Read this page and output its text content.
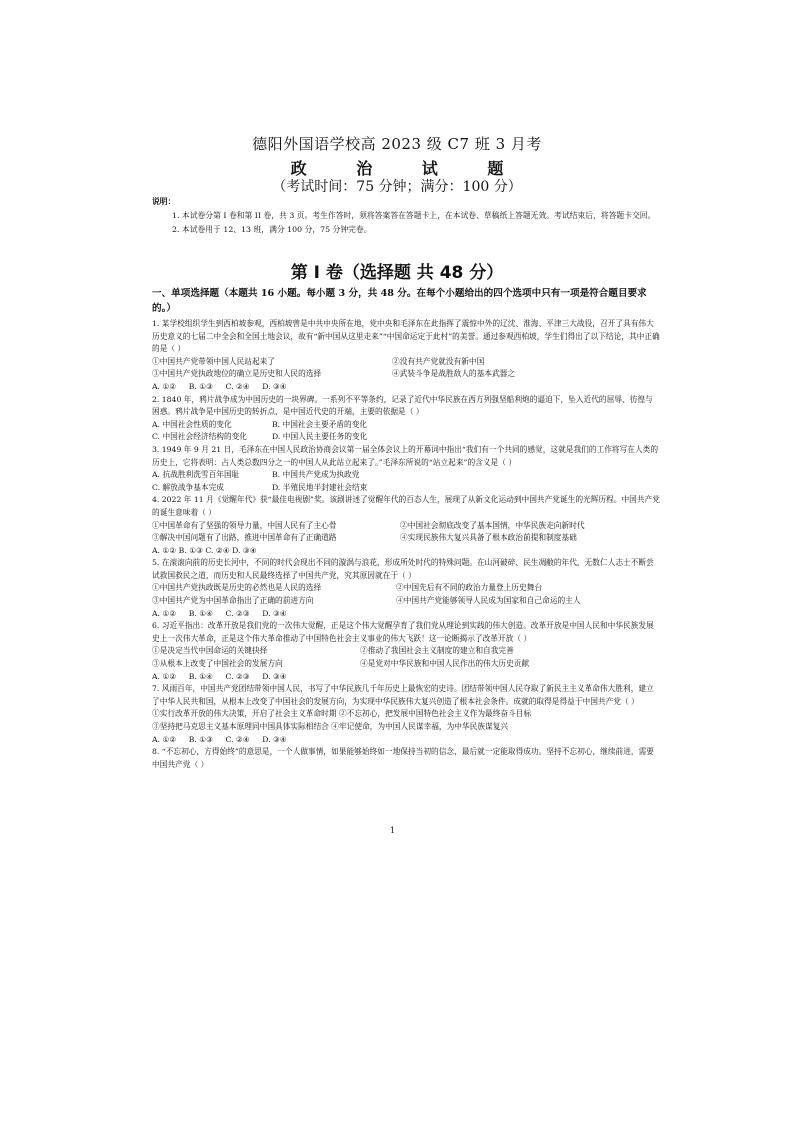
德阳外国语学校高 2023 级 C7 班 3 月考
政	治	试	题
（考试时间：75 分钟；满分：100 分）
说明：
1. 本试卷分第 I 卷和第 II 卷，共 3 页。考生作答时，须将答案答在答题卡上，在本试卷、草稿纸上答题无效。考试结束后，将答题卡交回。
2. 本试卷用于 12、13 班，满分 100 分，75 分钟完卷。
第 I 卷（选择题 共 48 分）
一、单项选择题（本题共 16 小题。每小题 3 分，共 48 分。在每个小题给出的四个选项中只有一项是符合题目要求的。）
1. 某学校组织学生到西柏坡参观，西柏坡曾是中共中央所在地，党中央和毛泽东在此指挥了震惊中外的辽沈、淮海、平津三大战役，召开了具有伟大历史意义的七届二中全会和全国土地会议，故有“新中国从这里走来”“中国命运定于此村”的美誉。通过参观西柏坡，学生们得出了以下结论，其中正确的是（ ）
①中国共产党带领中国人民站起来了	②没有共产党就没有新中国
③中国共产党执政地位的确立是历史和人民的选择	④武装斗争是战胜敌人的基本武器之
A. ①② B. ①③ C. ②④ D. ③④
2. 1840 年，鸦片战争成为中国历史的一块界碑。一系列不平等条约，记录了近代中华民族在西方列强坚船利炮的逼迫下，坠入近代的屈辱、彷徨与困惑。鸦片战争是中国历史的转折点，是中国近代史的开端，主要的依据是（ ）
A. 中国社会性质的变化	B. 中国社会主要矛盾的变化
C. 中国社会经济结构的变化	D. 中国人民主要任务的变化
3. 1949 年 9 月 21 日，毛泽东在中国人民政治协商会议第一届全体会议上的开幕词中指出“我们有一个共同的感觉，这就是我们的工作将写在人类的历史上，它将表明：占人类总数四分之一的中国人从此站立起来了。”毛泽东所说的“站立起来”的含义是（ ）
A. 抗战胜利洗雪百年国耻	B. 中国共产党成为执政党
C. 解放战争基本完成	D. 半殖民地半封建社会结束
4. 2022 年 11 月《觉醒年代》获“最佳电视剧”奖。该剧讲述了觉醒年代的百态人生，展现了从新文化运动到中国共产党诞生的光辉历程。中国共产党的诞生意味着（ ）
①中国革命有了坚强的领导力量，中国人民有了主心骨	②中国社会彻底改变了基本国情，中华民族走向新时代
③解决中国问题有了出路，推进中国革命有了正确道路	④实现民族伟大复兴具备了根本政治前提和制度基础
A. ①② B. ①③ C. ②④ D. ③④
5. 在滚滚向前的历史长河中，不同的时代会现出不同的漩涡与浪花，形成所处时代的特殊问题。在山河破碎、民生凋敝的年代，无数仁人志士不断尝试救国救民之道，而历史和人民最终选择了中国共产党，究其原因就在于（ ）
①中国共产党执政既是历史的必然也是人民的选择	②中国先后有不同的政治力量登上历史舞台
③中国共产党为中国革命指出了正确的前进方向	④中国共产党能够领导人民成为国家和自己命运的主人
A. ①② B. ①④ C. ②③ D. ③④
6. 习近平指出：改革开放是我们党的一次伟大觉醒，正是这个伟大觉醒孕育了我们党从理论到实践的伟大创造。改革开放是中国人民和中华民族发展史上一次伟大革命，正是这个伟大革命推动了中国特色社会主义事业的伟大飞跃！这一论断揭示了改革开放（ ）
①是决定当代中国命运的关键抉择	②推动了我国社会主义制度的建立和自我完善
③从根本上改变了中国社会的发展方向	④是党对中华民族和中国人民作出的伟大历史贡献
A. ①② B. ①④ C. ②③ D. ③④
7. 风雨百年，中国共产党团结带领中国人民，书写了中华民族几千年历史上最恢宏的史诗。团结带领中国人民夺取了新民主主义革命伟大胜利，建立了中华人民共和国，从根本上改变了中国社会的发展方向，为实现中华民族伟大复兴创造了根本社会条件。成就的取得是得益于中国共产党（ ）
①实行改革开放的伟大决策，开启了社会主义革命时期 ②不忘初心，把发展中国特色社会主义作为最终奋斗目标
③坚持把马克思主义基本原理同中国具体实际相结合 ④牢记使命，为中国人民谋幸福，为中华民族谋复兴
A. ①② B. ①③ C. ②④ D. ③④
8. “不忘初心，方得始终”的意思是，一个人做事情，如果能够始终如一地保持当初的信念，最后就一定能取得成功。坚持不忘初心，继续前进，需要中国共产党（ ）
1
